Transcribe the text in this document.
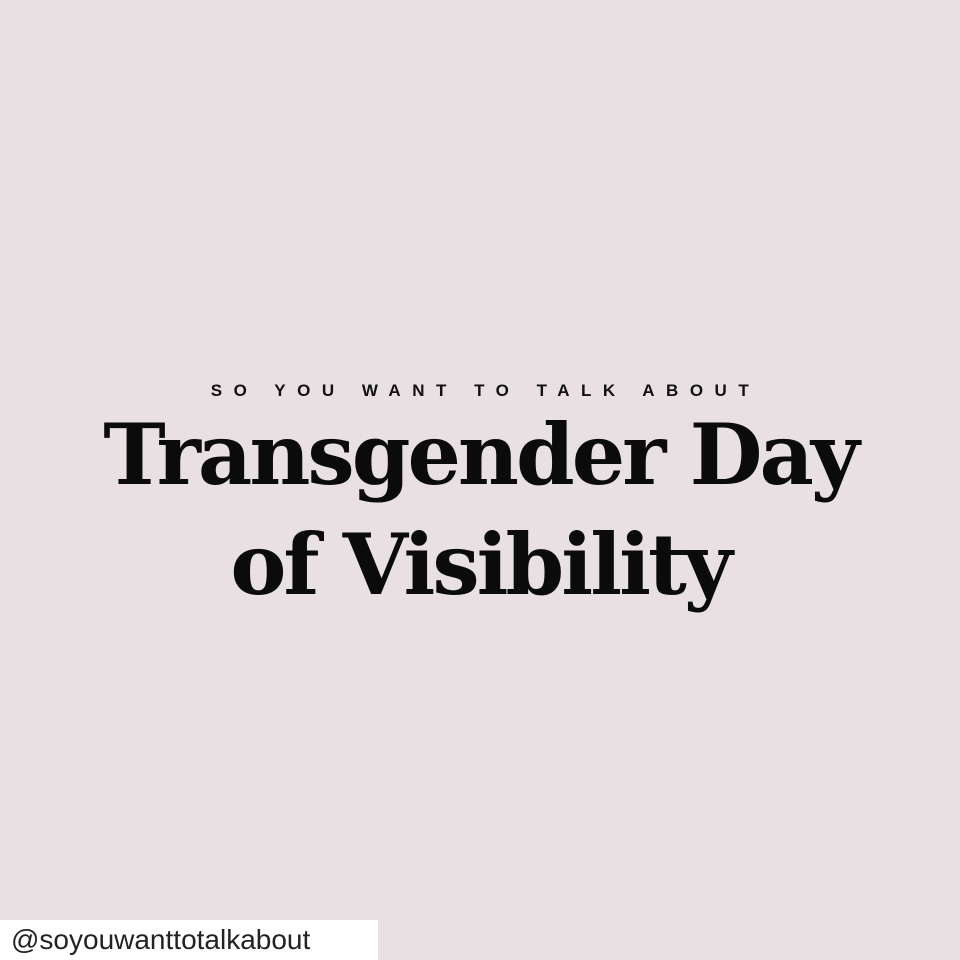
SO YOU WANT TO TALK ABOUT
Transgender Day
of Visibility
@soyouwanttotalkabout
